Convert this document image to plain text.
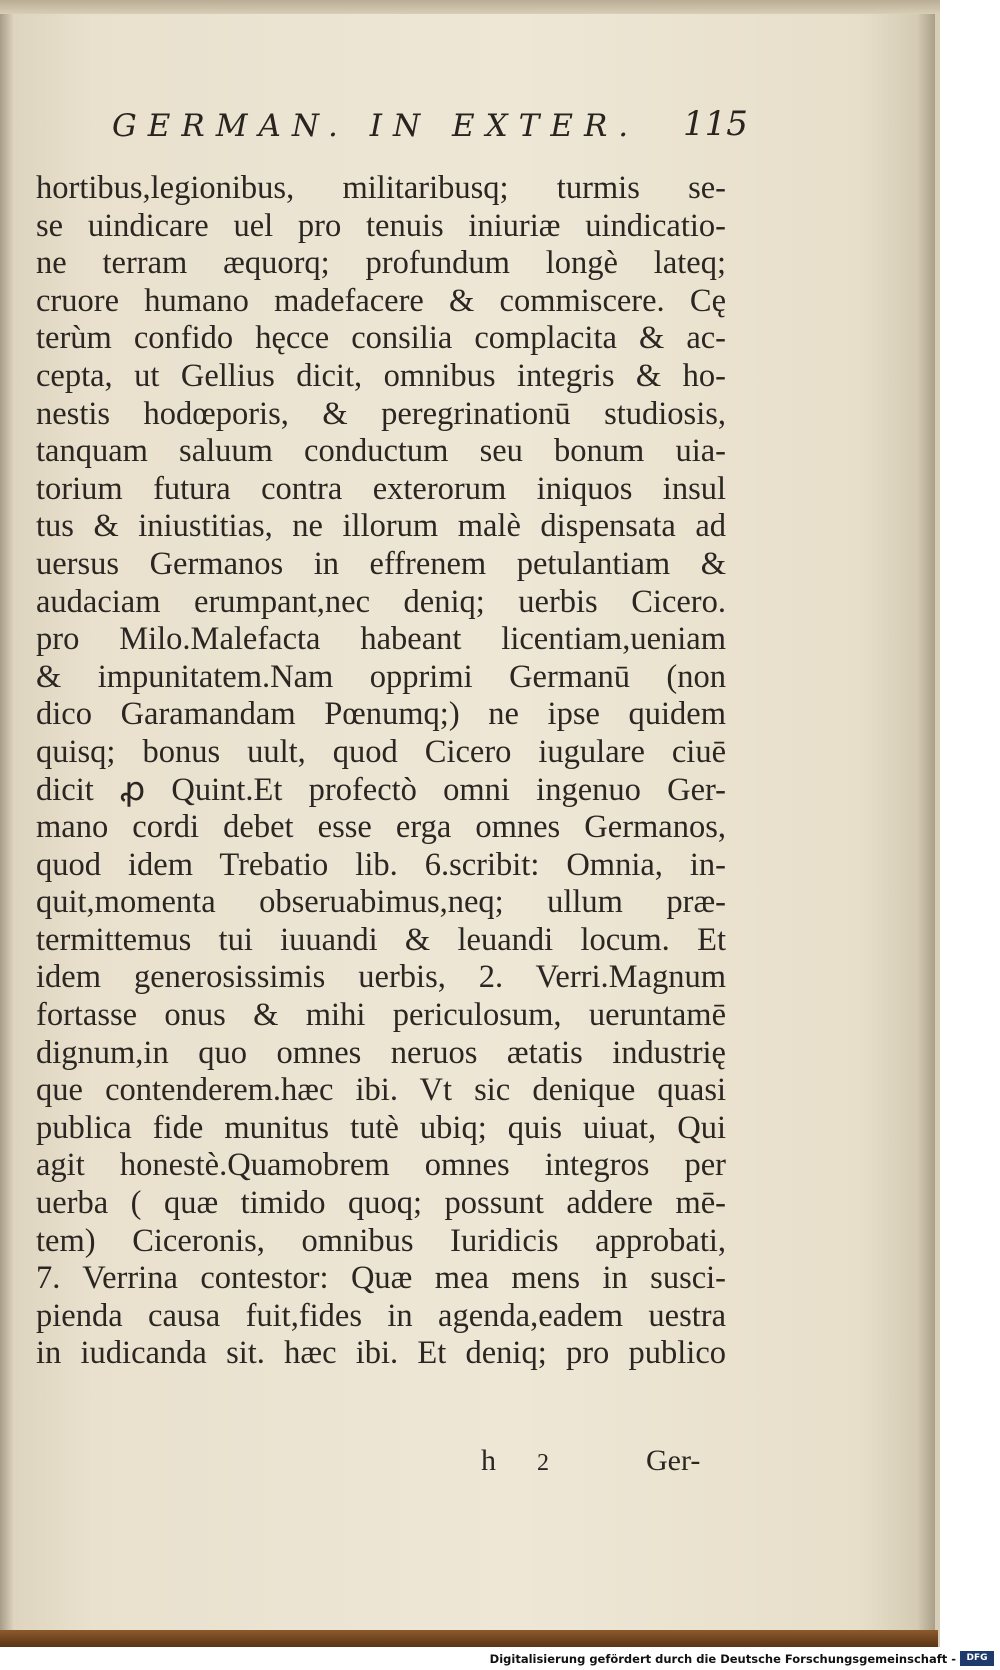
GERMAN. IN EXTER.	115
hortibus,legionibus, militaribusq; turmis se-
se uindicare uel pro tenuis iniuriæ uindicatio-
ne terram æquorq; profundum longè lateq;
cruore humano madefacere & commiscere. Cę
terùm confido hęcce consilia complacita & ac-
cepta, ut Gellius dicit, omnibus integris & ho-
nestis hodœporis, & peregrinationū studiosis,
tanquam saluum conductum seu bonum uia-
torium futura contra exterorum iniquos insul
tus & iniustitias, ne illorum malè dispensata ad
uersus Germanos in effrenem petulantiam &
audaciam erumpant,nec deniq; uerbis Cicero.
pro Milo.Malefacta habeant licentiam,ueniam
& impunitatem.Nam opprimi Germanū (non
dico Garamandam Pœnumq;) ne ipse quidem
quisq; bonus uult, quod Cicero iugulare ciuē
dicit ꝓ Quint.Et profectò omni ingenuo Ger-
mano cordi debet esse erga omnes Germanos,
quod idem Trebatio lib. 6.scribit: Omnia, in-
quit,momenta obseruabimus,neq; ullum præ-
termittemus tui iuuandi & leuandi locum. Et
idem generosissimis uerbis, 2. Verri.Magnum
fortasse onus & mihi periculosum, ueruntamē
dignum,in quo omnes neruos ætatis industrię
que contenderem.hæc ibi. Vt sic denique quasi
publica fide munitus tutè ubiq; quis uiuat, Qui
agit honestè.Quamobrem omnes integros per
uerba ( quæ timido quoq; possunt addere mē-
tem) Ciceronis, omnibus Iuridicis approbati,
7. Verrina contestor: Quæ mea mens in susci-
pienda causa fuit,fides in agenda,eadem uestra
in iudicanda sit. hæc ibi. Et deniq; pro publico
h 2	Ger-
Digitalisierung gefördert durch die Deutsche Forschungsgemeinschaft -	DFG
